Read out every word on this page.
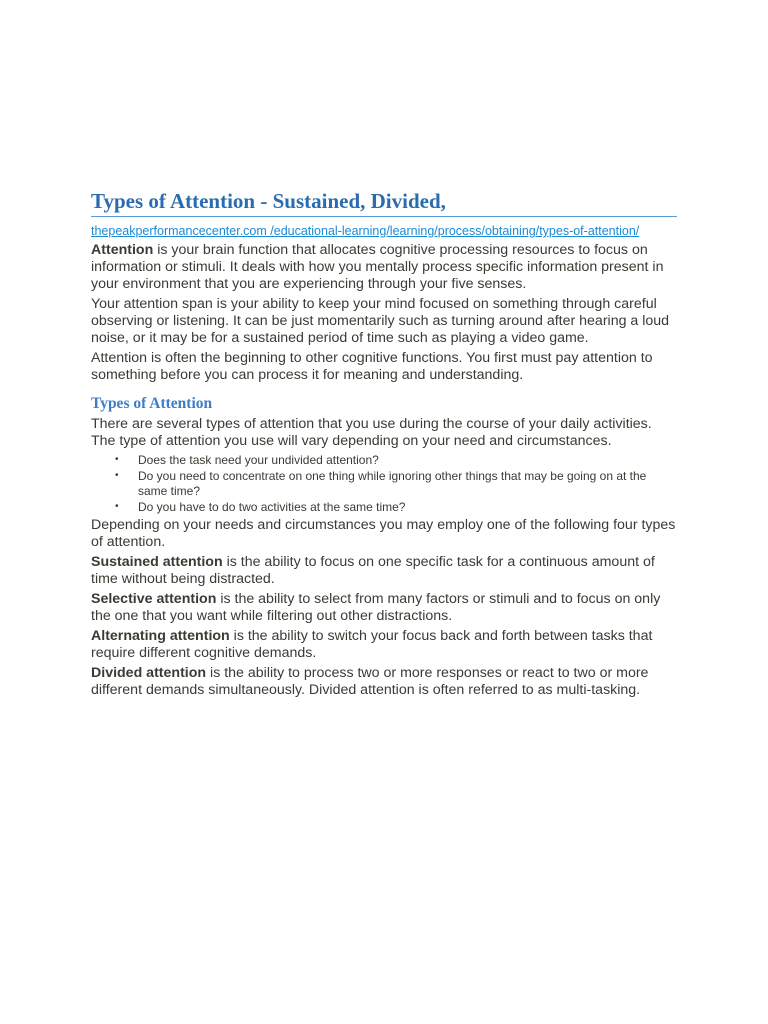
Types of Attention - Sustained, Divided,
thepeakperformancecenter.com /educational-learning/learning/process/obtaining/types-of-attention/

Attention is your brain function that allocates cognitive processing resources to focus on information or stimuli. It deals with how you mentally process specific information present in your environment that you are experiencing through your five senses.

Your attention span is your ability to keep your mind focused on something through careful observing or listening. It can be just momentarily such as turning around after hearing a loud noise, or it may be for a sustained period of time such as playing a video game.

Attention is often the beginning to other cognitive functions. You first must pay attention to something before you can process it for meaning and understanding.

Types of Attention

There are several types of attention that you use during the course of your daily activities. The type of attention you use will vary depending on your need and circumstances.

• Does the task need your undivided attention?
• Do you need to concentrate on one thing while ignoring other things that may be going on at the same time?
• Do you have to do two activities at the same time?

Depending on your needs and circumstances you may employ one of the following four types of attention.

Sustained attention is the ability to focus on one specific task for a continuous amount of time without being distracted.

Selective attention is the ability to select from many factors or stimuli and to focus on only the one that you want while filtering out other distractions.

Alternating attention is the ability to switch your focus back and forth between tasks that require different cognitive demands.

Divided attention is the ability to process two or more responses or react to two or more different demands simultaneously. Divided attention is often referred to as multi-tasking.
